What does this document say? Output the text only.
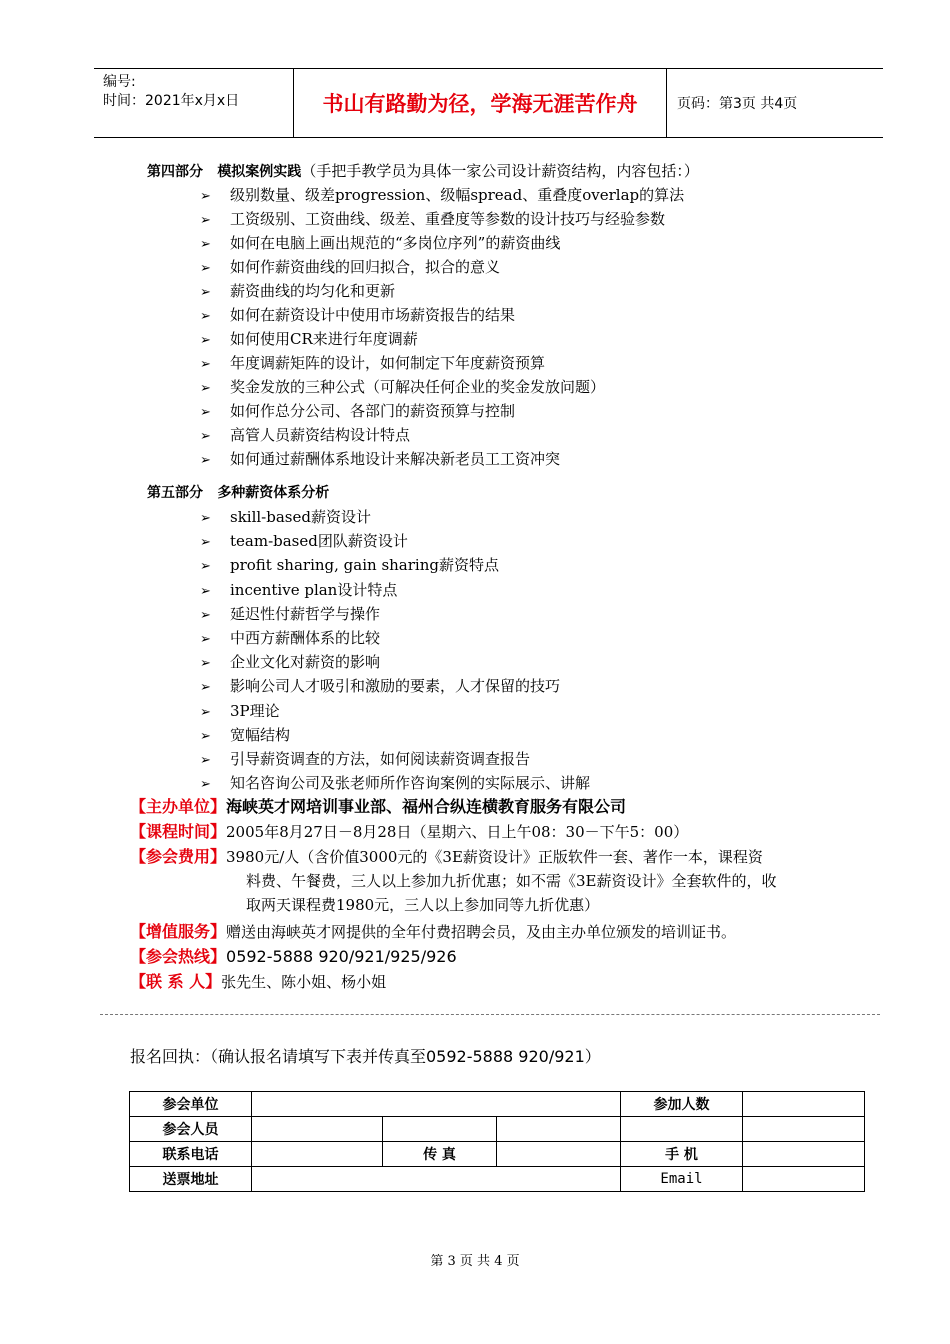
编号:
时间：2021年x月x日	书山有路勤为径，学海无涯苦作舟	页码：第3页 共4页
第四部分 模拟案例实践（手把手教学员为具体一家公司设计薪资结构，内容包括：）
➢ 级别数量、级差progression、级幅spread、重叠度overlap的算法
➢ 工资级别、工资曲线、级差、重叠度等参数的设计技巧与经验参数
➢ 如何在电脑上画出规范的“多岗位序列”的薪资曲线
➢ 如何作薪资曲线的回归拟合，拟合的意义
➢ 薪资曲线的均匀化和更新
➢ 如何在薪资设计中使用市场薪资报告的结果
➢ 如何使用CR来进行年度调薪
➢ 年度调薪矩阵的设计，如何制定下年度薪资预算
➢ 奖金发放的三种公式（可解决任何企业的奖金发放问题）
➢ 如何作总分公司、各部门的薪资预算与控制
➢ 高管人员薪资结构设计特点
➢ 如何通过薪酬体系地设计来解决新老员工工资冲突
第五部分 多种薪资体系分析
➢ skill-based薪资设计
➢ team-based团队薪资设计
➢ profit sharing, gain sharing薪资特点
➢ incentive plan设计特点
➢ 延迟性付薪哲学与操作
➢ 中西方薪酬体系的比较
➢ 企业文化对薪资的影响
➢ 影响公司人才吸引和激励的要素，人才保留的技巧
➢ 3P理论
➢ 宽幅结构
➢ 引导薪资调查的方法，如何阅读薪资调查报告
➢ 知名咨询公司及张老师所作咨询案例的实际展示、讲解
【主办单位】海峡英才网培训事业部、福州合纵连横教育服务有限公司
【课程时间】2005年8月27日－8月28日（星期六、日上午08：30－下午5：00）
【参会费用】3980元/人（含价值3000元的《3E薪资设计》正版软件一套、著作一本，课程资
料费、午餐费，三人以上参加九折优惠；如不需《3E薪资设计》全套软件的，收
取两天课程费1980元，三人以上参加同等九折优惠）
【增值服务】赠送由海峡英才网提供的全年付费招聘会员，及由主办单位颁发的培训证书。
【参会热线】0592-5888 920/921/925/926
【联 系 人】张先生、陈小姐、杨小姐
报名回执：（确认报名请填写下表并传真至0592-5888 920/921）
参会单位				参加人数	
参会人员					
联系电话		传 真		手 机	
送票地址				Email	
第 3 页 共 4 页
